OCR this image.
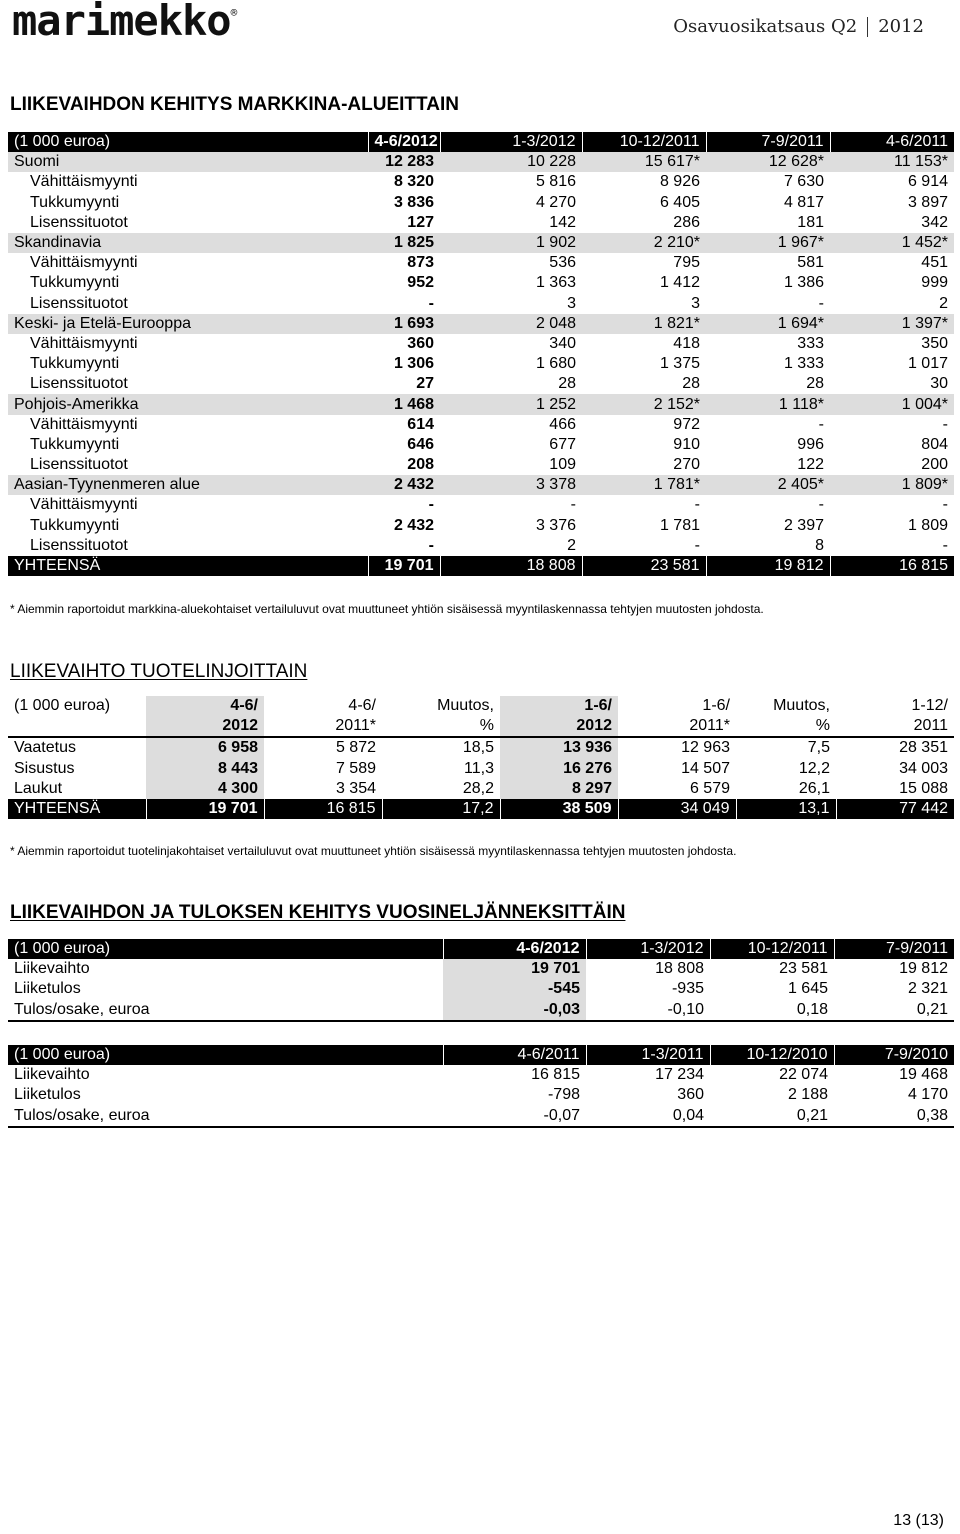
marimekko®
Osavuosikatsaus Q2 2012
LIIKEVAIHDON KEHITYS MARKKINA-ALUEITTAIN
(1 000 euroa)	4-6/2012	1-3/2012	10-12/2011	7-9/2011	4-6/2011
Suomi	12 283	10 228	15 617*	12 628*	11 153*
Vähittäismyynti	8 320	5 816	8 926	7 630	6 914
Tukkumyynti	3 836	4 270	6 405	4 817	3 897
Lisenssituotot	127	142	286	181	342
Skandinavia	1 825	1 902	2 210*	1 967*	1 452*
Vähittäismyynti	873	536	795	581	451
Tukkumyynti	952	1 363	1 412	1 386	999
Lisenssituotot	-	3	3	-	2
Keski- ja Etelä-Eurooppa	1 693	2 048	1 821*	1 694*	1 397*
Vähittäismyynti	360	340	418	333	350
Tukkumyynti	1 306	1 680	1 375	1 333	1 017
Lisenssituotot	27	28	28	28	30
Pohjois-Amerikka	1 468	1 252	2 152*	1 118*	1 004*
Vähittäismyynti	614	466	972	-	-
Tukkumyynti	646	677	910	996	804
Lisenssituotot	208	109	270	122	200
Aasian-Tyynenmeren alue	2 432	3 378	1 781*	2 405*	1 809*
Vähittäismyynti	-	-	-	-	-
Tukkumyynti	2 432	3 376	1 781	2 397	1 809
Lisenssituotot	-	2	-	8	-
YHTEENSÄ	19 701	18 808	23 581	19 812	16 815
* Aiemmin raportoidut markkina-aluekohtaiset vertailuluvut ovat muuttuneet yhtiön sisäisessä myyntilaskennassa tehtyjen muutosten johdosta.
LIIKEVAIHTO TUOTELINJOITTAIN
(1 000 euroa)	4-6/	4-6/	Muutos,	1-6/	1-6/	Muutos,	1-12/
	2012	2011*	%	2012	2011*	%	2011
Vaatetus	6 958	5 872	18,5	13 936	12 963	7,5	28 351
Sisustus	8 443	7 589	11,3	16 276	14 507	12,2	34 003
Laukut	4 300	3 354	28,2	8 297	6 579	26,1	15 088
YHTEENSÄ	19 701	16 815	17,2	38 509	34 049	13,1	77 442
* Aiemmin raportoidut tuotelinjakohtaiset vertailuluvut ovat muuttuneet yhtiön sisäisessä myyntilaskennassa tehtyjen muutosten johdosta.
LIIKEVAIHDON JA TULOKSEN KEHITYS VUOSINELJÄNNEKSITTÄIN
(1 000 euroa)	4-6/2012	1-3/2012	10-12/2011	7-9/2011
Liikevaihto	19 701	18 808	23 581	19 812
Liiketulos	-545	-935	1 645	2 321
Tulos/osake, euroa	-0,03	-0,10	0,18	0,21
(1 000 euroa)	4-6/2011	1-3/2011	10-12/2010	7-9/2010
Liikevaihto	16 815	17 234	22 074	19 468
Liiketulos	-798	360	2 188	4 170
Tulos/osake, euroa	-0,07	0,04	0,21	0,38
13 (13)
